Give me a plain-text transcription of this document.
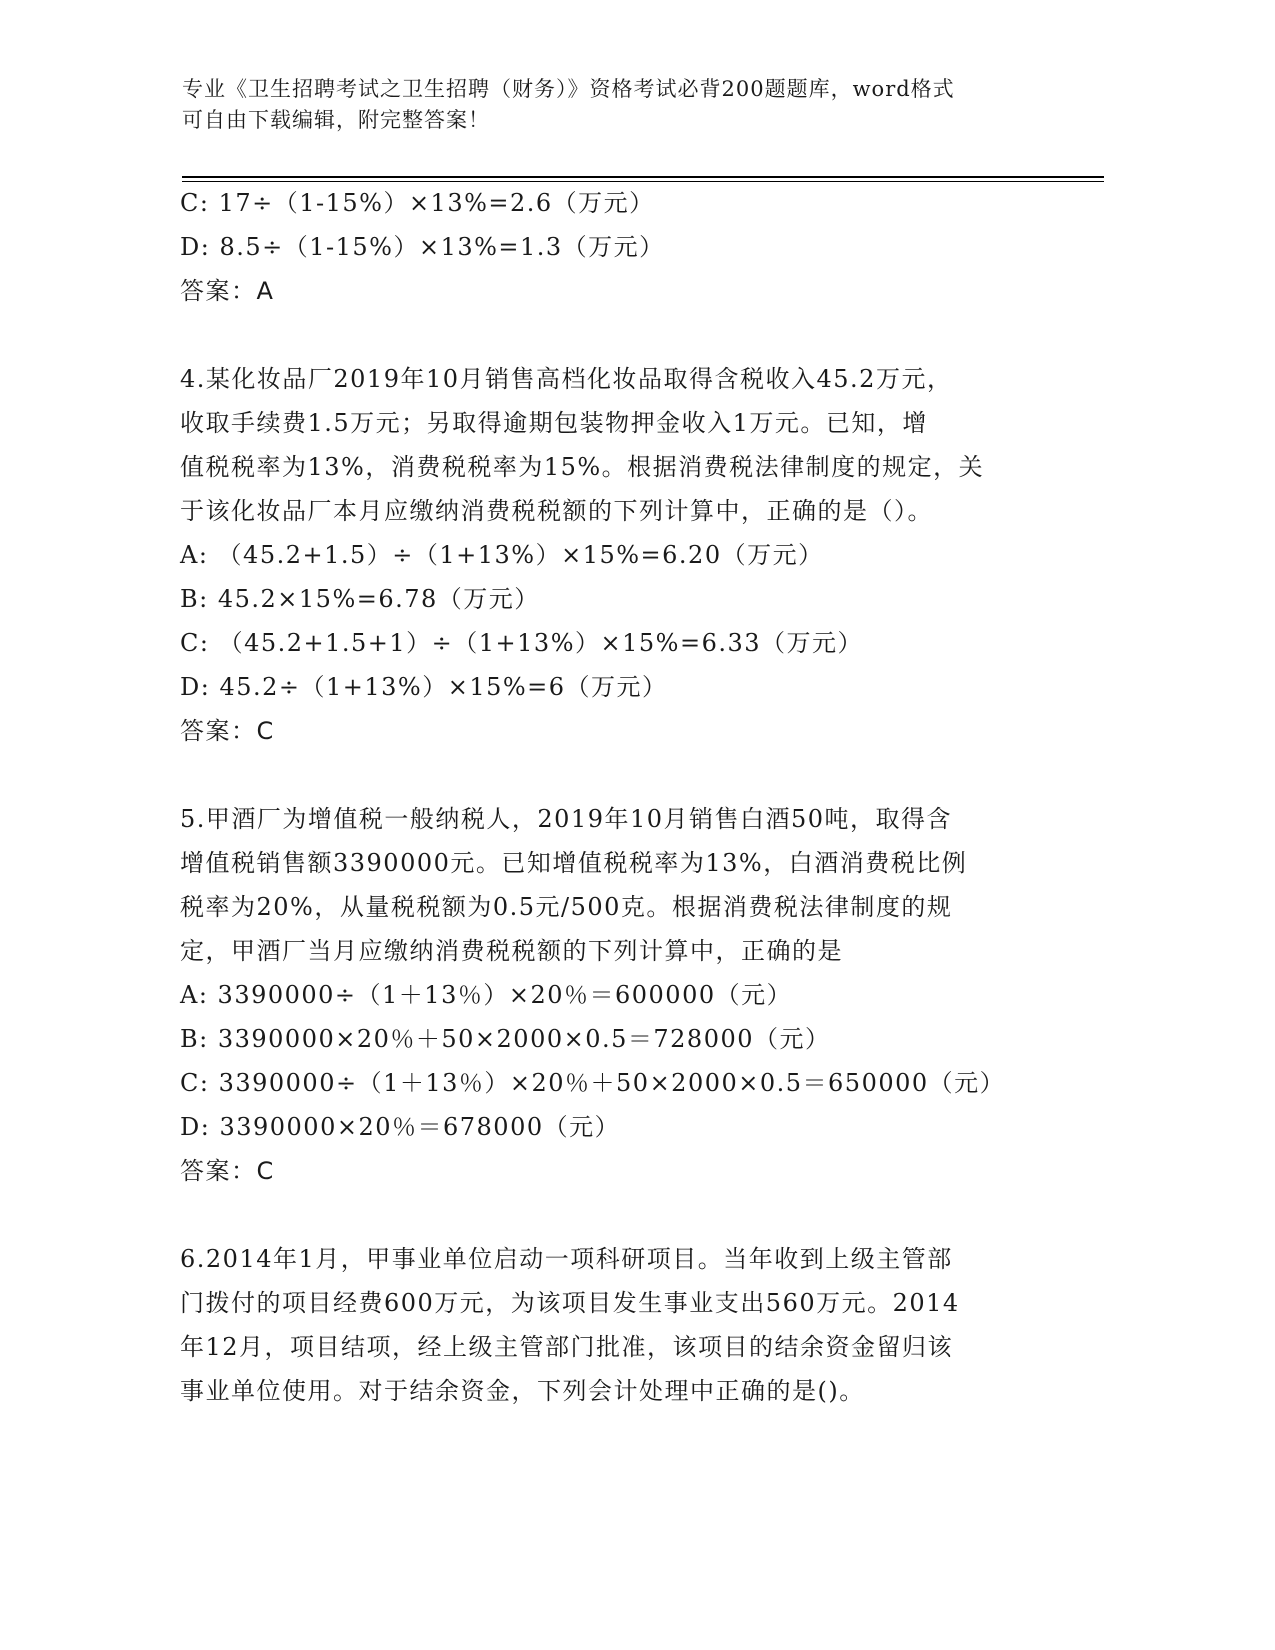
专业《卫生招聘考试之卫生招聘（财务）》资格考试必背200题题库，word格式
可自由下载编辑，附完整答案！
C: 17÷（1-15%）×13%=2.6（万元）
D: 8.5÷（1-15%）×13%=1.3（万元）
答案：A
4.某化妆品厂2019年10月销售高档化妆品取得含税收入45.2万元，
收取手续费1.5万元；另取得逾期包装物押金收入1万元。已知，增
值税税率为13%，消费税税率为15%。根据消费税法律制度的规定，关
于该化妆品厂本月应缴纳消费税税额的下列计算中，正确的是（）。
A: （45.2+1.5）÷（1+13%）×15%=6.20（万元）
B: 45.2×15%=6.78（万元）
C: （45.2+1.5+1）÷（1+13%）×15%=6.33（万元）
D: 45.2÷（1+13%）×15%=6（万元）
答案：C
5.甲酒厂为增值税一般纳税人，2019年10月销售白酒50吨，取得含
增值税销售额3390000元。已知增值税税率为13%，白酒消费税比例
税率为20%，从量税税额为0.5元/500克。根据消费税法律制度的规
定，甲酒厂当月应缴纳消费税税额的下列计算中，正确的是
A: 3390000÷（1＋13％）×20％＝600000（元）
B: 3390000×20％＋50×2000×0.5＝728000（元）
C: 3390000÷（1＋13％）×20％＋50×2000×0.5＝650000（元）
D: 3390000×20％＝678000（元）
答案：C
6.2014年1月，甲事业单位启动一项科研项目。当年收到上级主管部
门拨付的项目经费600万元，为该项目发生事业支出560万元。2014
年12月，项目结项，经上级主管部门批准，该项目的结余资金留归该
事业单位使用。对于结余资金，下列会计处理中正确的是()。
